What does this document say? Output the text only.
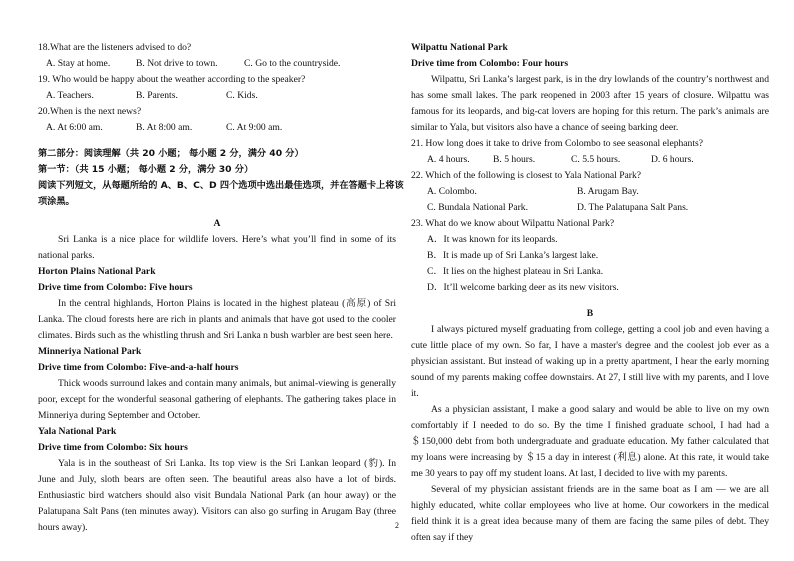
18.What are the listeners advised to do?

A. Stay at home.	B. Not drive to town.	C. Go to the countryside.

19. Who would be happy about the weather according to the speaker?

A. Teachers.	B. Parents.	C. Kids.

20.When is the next news?

A. At 6:00 am.	B. At 8:00 am.	C. At 9:00 am.

第二部分：阅读理解（共 20 小题； 每小题 2 分，满分 40 分）

第一节：（共 15 小题； 每小题 2 分，满分 30 分）

阅读下列短文，从每题所给的 A、B、C、D 四个选项中选出最佳选项，并在答题卡上将该

项涂黑。

A

Sri Lanka is a nice place for wildlife lovers. Here’s what you’ll find in some of its national parks.

Horton Plains National Park

Drive time from Colombo: Five hours

In the central highlands, Horton Plains is located in the highest plateau (高原) of Sri Lanka. The cloud forests here are rich in plants and animals that have got used to the cooler climates. Birds such as the whistling thrush and Sri Lanka n bush warbler are best seen here.

Minneriya National Park

Drive time from Colombo: Five-and-a-half hours

Thick woods surround lakes and contain many animals, but animal-viewing is generally poor, except for the wonderful seasonal gathering of elephants. The gathering takes place in Minneriya during September and October.

Yala National Park

Drive time from Colombo: Six hours

Yala is in the southeast of Sri Lanka. Its top view is the Sri Lankan leopard (豹). In June and July, sloth bears are often seen. The beautiful areas also have a lot of birds. Enthusiastic bird watchers should also visit Bundala National Park (an hour away) or the Palatupana Salt Pans (ten minutes away). Visitors can also go surfing in Arugam Bay (three hours away).

Wilpattu National Park

Drive time from Colombo: Four hours

Wilpattu, Sri Lanka’s largest park, is in the dry lowlands of the country’s northwest and has some small lakes. The park reopened in 2003 after 15 years of closure. Wilpattu was famous for its leopards, and big-cat lovers are hoping for this return. The park’s animals are similar to Yala, but visitors also have a chance of seeing barking deer.

21. How long does it take to drive from Colombo to see seasonal elephants?

A. 4 hours.	B. 5 hours.	C. 5.5 hours.	D. 6 hours.

22. Which of the following is closest to Yala National Park?

A. Colombo.	B. Arugam Bay.
C. Bundala National Park.	D. The Palatupana Salt Pans.

23. What do we know about Wilpattu National Park?

A．It was known for its leopards.

B．It is made up of Sri Lanka’s largest lake.

C．It lies on the highest plateau in Sri Lanka.

D．It’ll welcome barking deer as its new visitors.

B

I always pictured myself graduating from college, getting a cool job and even having a cute little place of my own. So far, I have a master's degree and the coolest job ever as a physician assistant. But instead of waking up in a pretty apartment, I hear the early morning sound of my parents making coffee downstairs. At 27, I still live with my parents, and I love it.

As a physician assistant, I make a good salary and would be able to live on my own comfortably if I needed to do so. By the time I finished graduate school, I had had a ＄150,000 debt from both undergraduate and graduate education. My father calculated that my loans were increasing by ＄15 a day in interest (利息) alone. At this rate, it would take me 30 years to pay off my student loans. At last, I decided to live with my parents.

Several of my physician assistant friends are in the same boat as I am — we are all highly educated, white collar employees who live at home. Our coworkers in the medical field think it is a great idea because many of them are facing the same piles of debt. They often say if they

2
